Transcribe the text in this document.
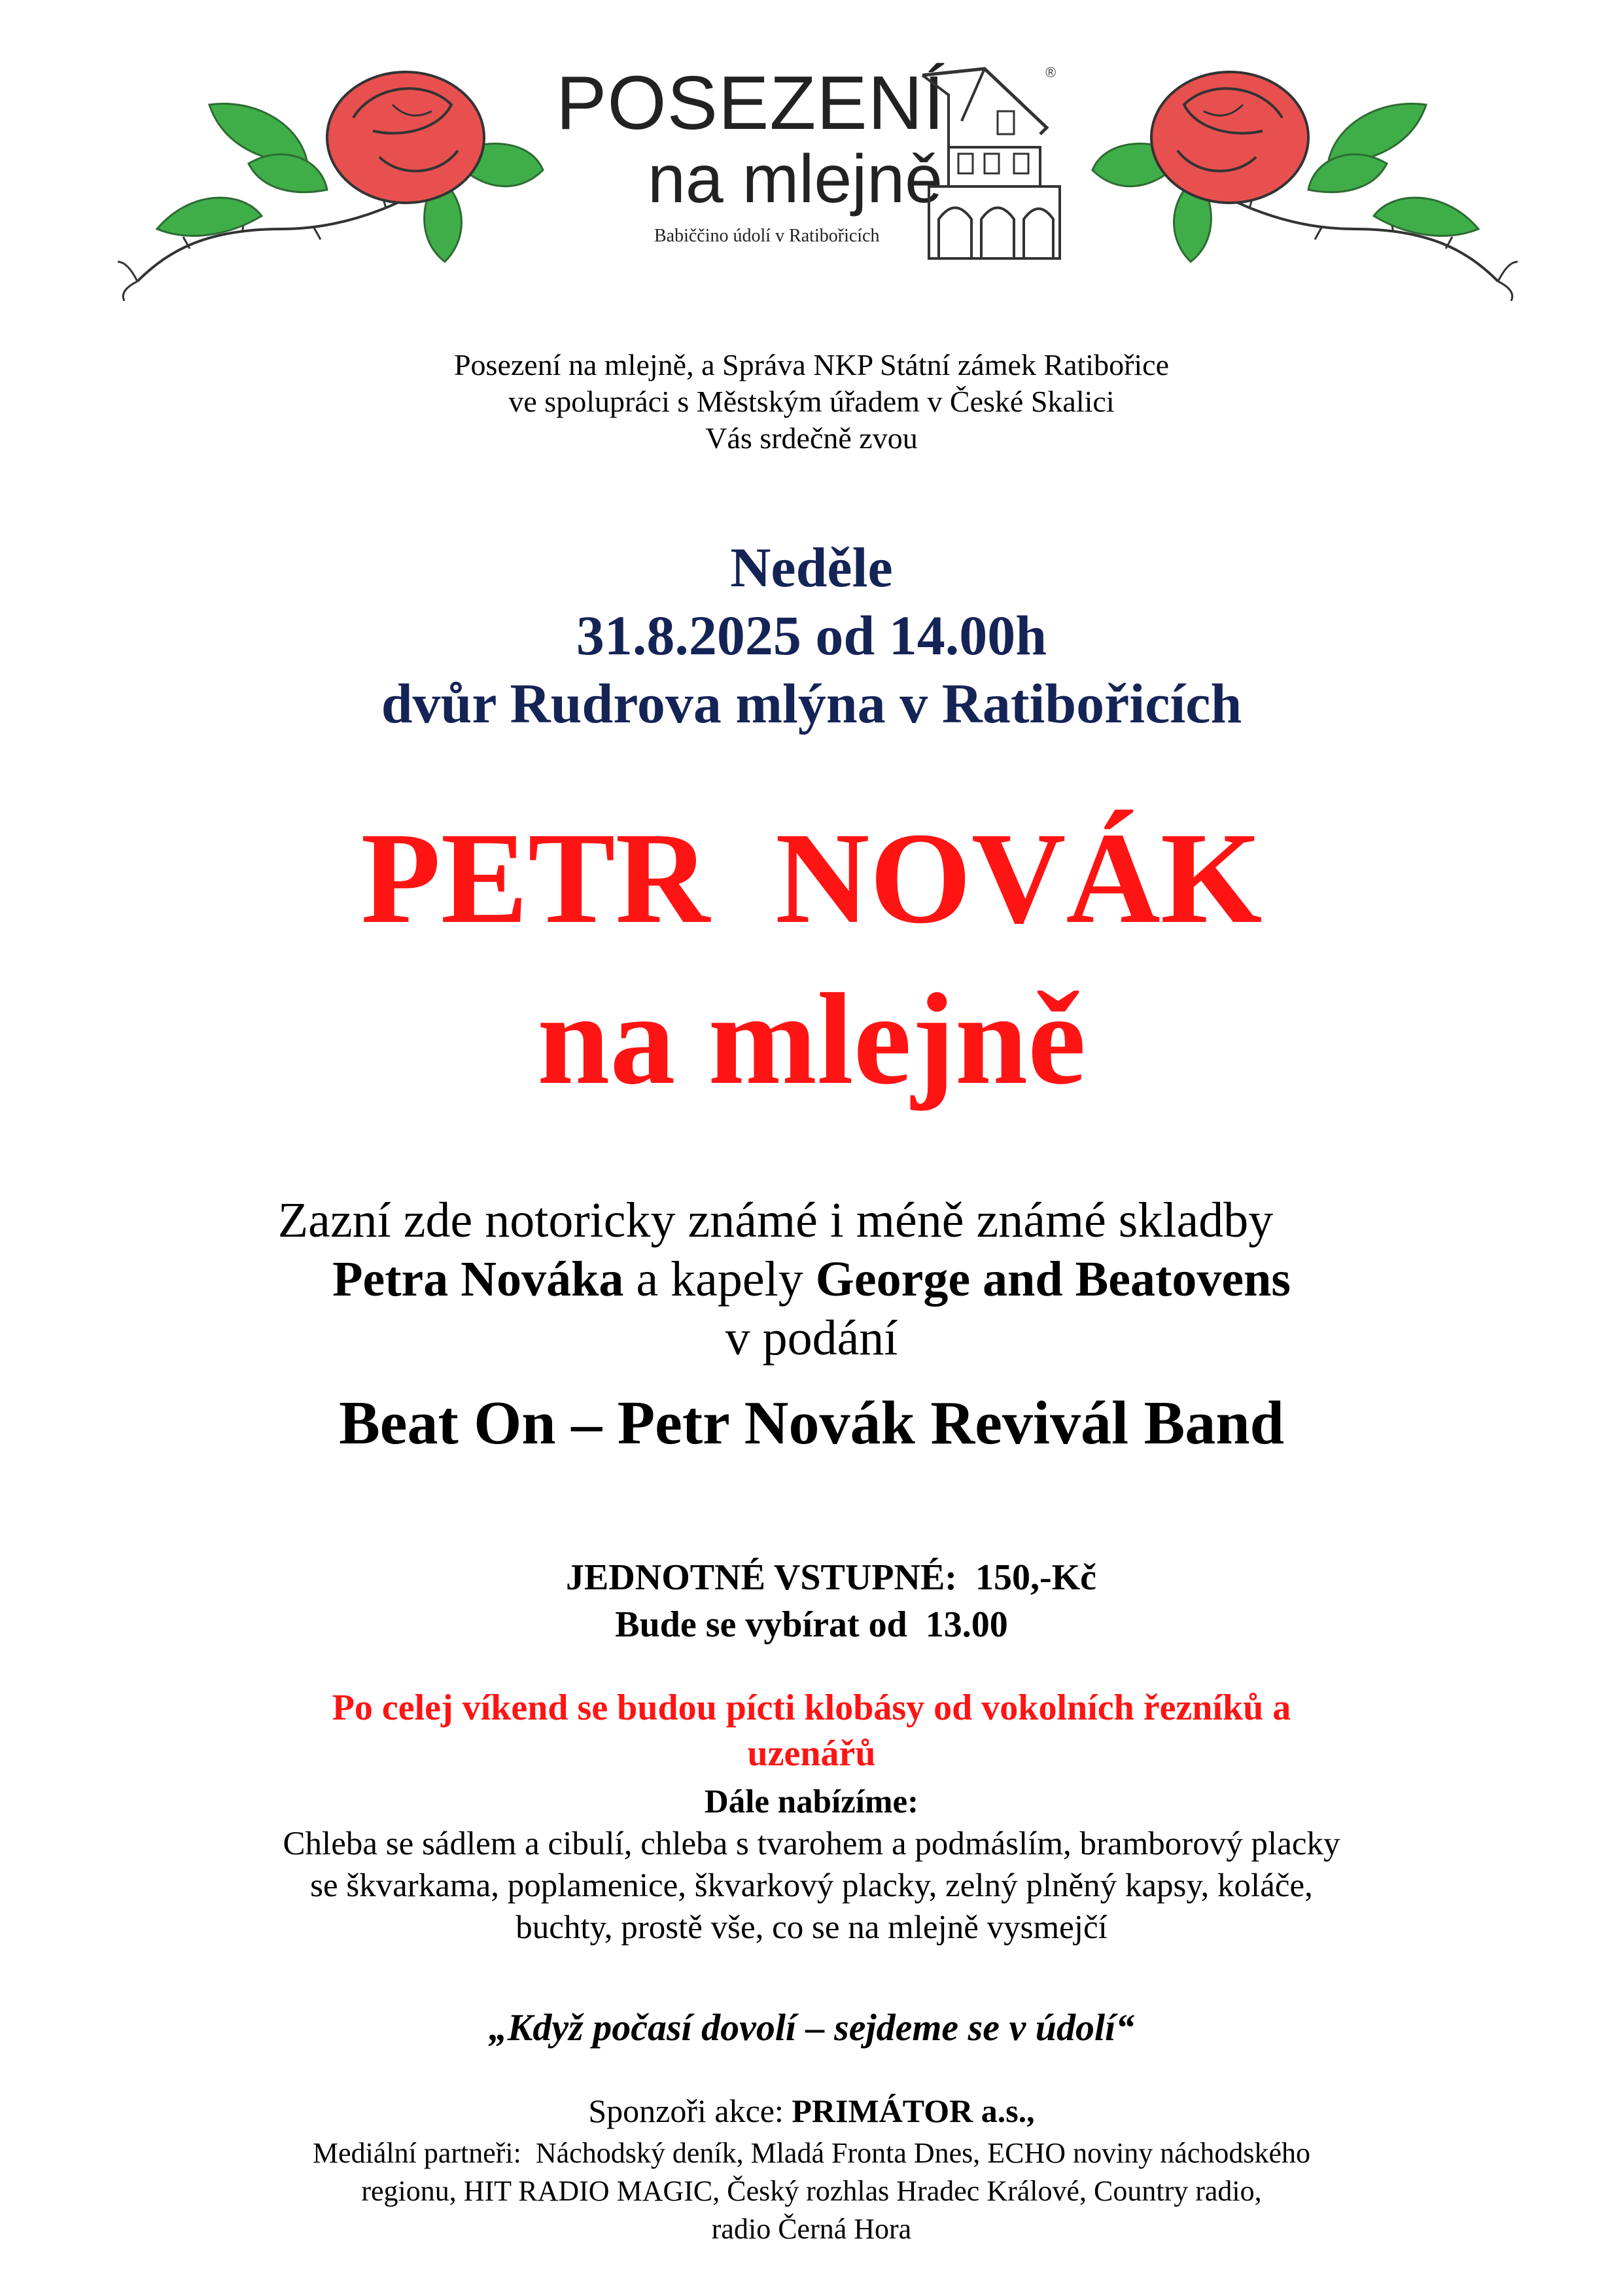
POSEZENÍ
na mlejně
Babiččino údolí v Ratibořicích
®
Posezení na mlejně, a Správa NKP Státní zámek Ratibořice
ve spolupráci s Městským úřadem v České Skalici
Vás srdečně zvou
Neděle
31.8.2025 od 14.00h
dvůr Rudrova mlýna v Ratibořicích
PETR  NOVÁK
na mlejně
Zazní zde notoricky známé i méně známé skladby
Petra Nováka a kapely George and Beatovens
v podání
Beat On – Petr Novák Revivál Band
JEDNOTNÉ VSTUPNÉ:  150,-Kč
Bude se vybírat od  13.00
Po celej víkend se budou pícti klobásy od vokolních řezníků a
uzenářů
Dále nabízíme:
Chleba se sádlem a cibulí, chleba s tvarohem a podmáslím, bramborový placky
se škvarkama, poplamenice, škvarkový placky, zelný plněný kapsy, koláče,
buchty, prostě vše, co se na mlejně vysmejčí
„Když počasí dovolí – sejdeme se v údolí“
Sponzoři akce: PRIMÁTOR a.s.,
Mediální partneři:  Náchodský deník, Mladá Fronta Dnes, ECHO noviny náchodského
regionu, HIT RADIO MAGIC, Český rozhlas Hradec Králové, Country radio,
radio Černá Hora
